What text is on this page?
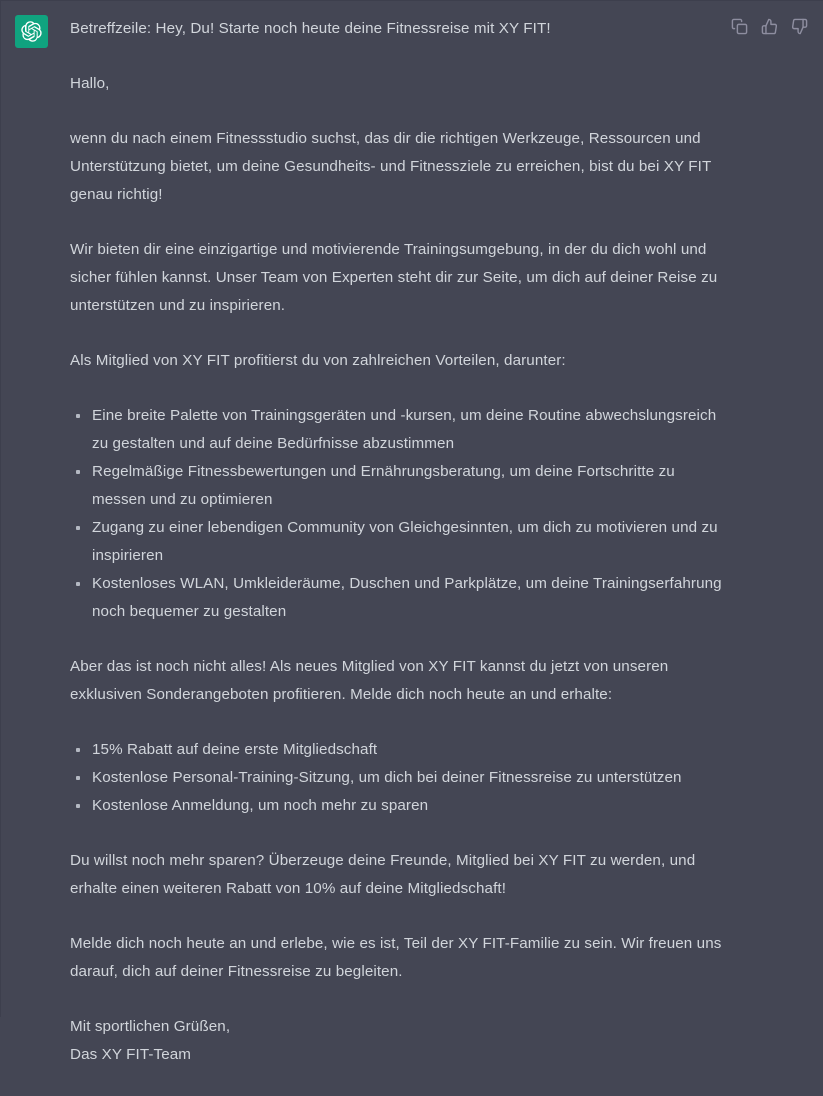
Betreffzeile: Hey, Du! Starte noch heute deine Fitnessreise mit XY FIT!

Hallo,

wenn du nach einem Fitnessstudio suchst, das dir die richtigen Werkzeuge, Ressourcen und Unterstützung bietet, um deine Gesundheits- und Fitnessziele zu erreichen, bist du bei XY FIT genau richtig!

Wir bieten dir eine einzigartige und motivierende Trainingsumgebung, in der du dich wohl und sicher fühlen kannst. Unser Team von Experten steht dir zur Seite, um dich auf deiner Reise zu unterstützen und zu inspirieren.

Als Mitglied von XY FIT profitierst du von zahlreichen Vorteilen, darunter:

Eine breite Palette von Trainingsgeräten und -kursen, um deine Routine abwechslungsreich zu gestalten und auf deine Bedürfnisse abzustimmen
Regelmäßige Fitnessbewertungen und Ernährungsberatung, um deine Fortschritte zu messen und zu optimieren
Zugang zu einer lebendigen Community von Gleichgesinnten, um dich zu motivieren und zu inspirieren
Kostenloses WLAN, Umkleideräume, Duschen und Parkplätze, um deine Trainingserfahrung noch bequemer zu gestalten

Aber das ist noch nicht alles! Als neues Mitglied von XY FIT kannst du jetzt von unseren exklusiven Sonderangeboten profitieren. Melde dich noch heute an und erhalte:

15% Rabatt auf deine erste Mitgliedschaft
Kostenlose Personal-Training-Sitzung, um dich bei deiner Fitnessreise zu unterstützen
Kostenlose Anmeldung, um noch mehr zu sparen

Du willst noch mehr sparen? Überzeuge deine Freunde, Mitglied bei XY FIT zu werden, und erhalte einen weiteren Rabatt von 10% auf deine Mitgliedschaft!

Melde dich noch heute an und erlebe, wie es ist, Teil der XY FIT-Familie zu sein. Wir freuen uns darauf, dich auf deiner Fitnessreise zu begleiten.

Mit sportlichen Grüßen,
Das XY FIT-Team
